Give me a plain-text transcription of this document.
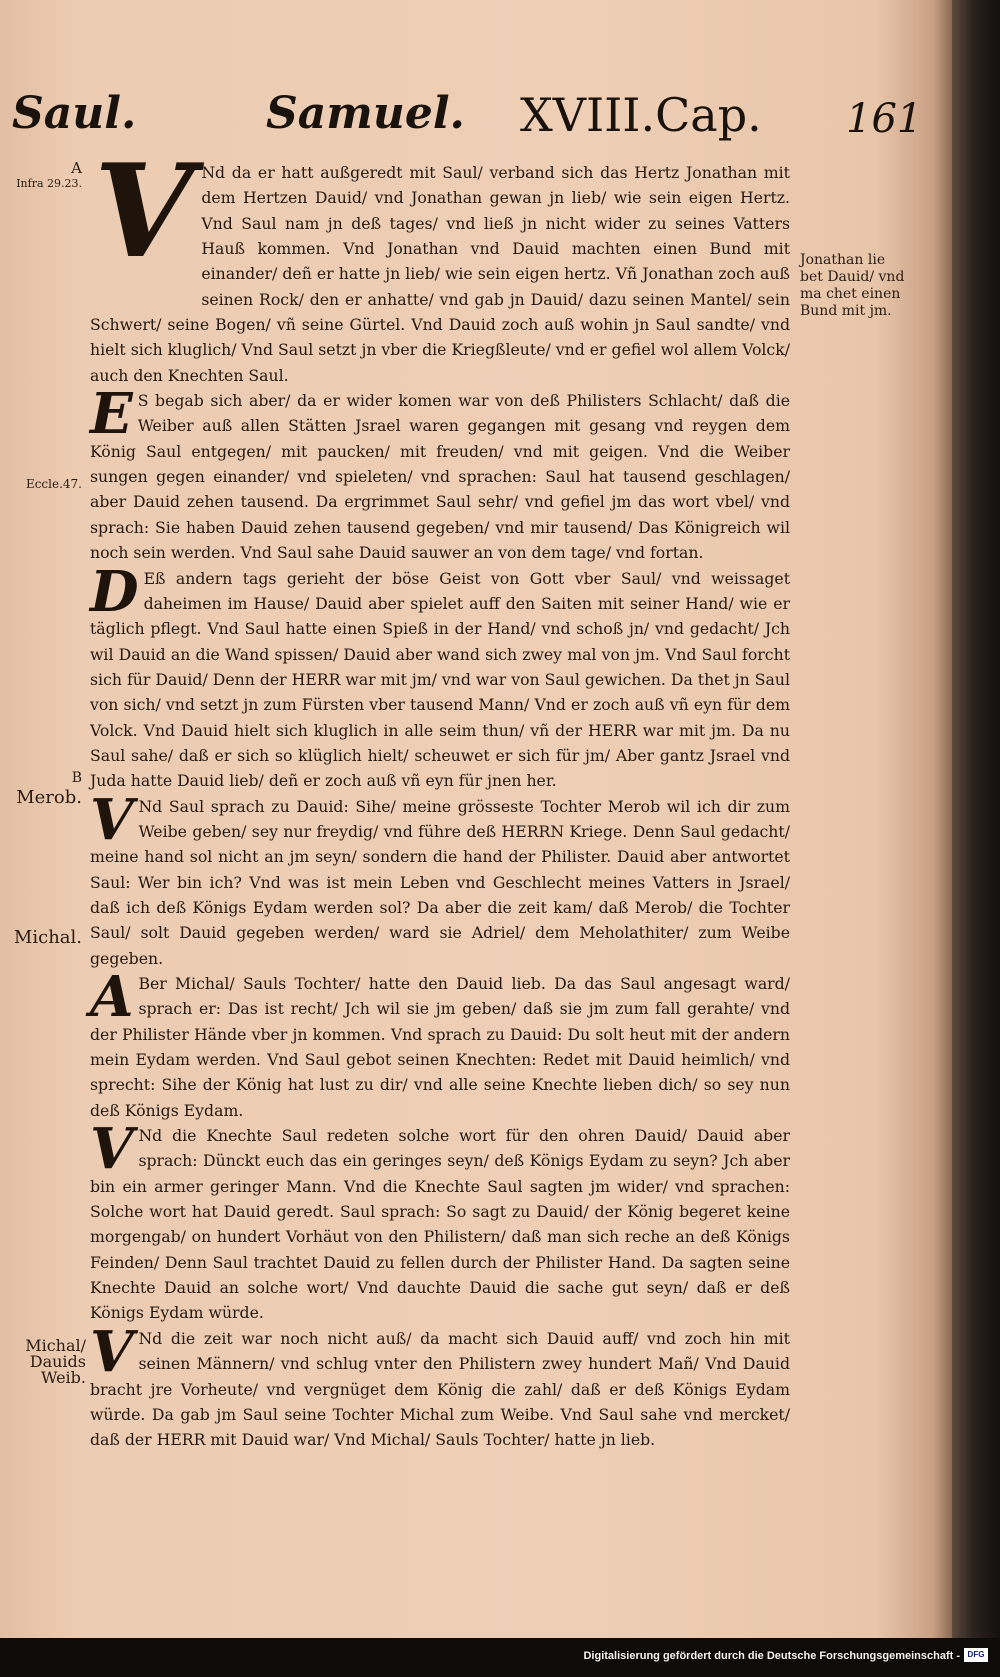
Saul.	Samuel. XVIII.Cap. 161
A
Infra 29.23.
Eccle.47.
B
Merob.
Michal.
Michal/ Dauids Weib.
Jonathan lie bet Dauid/ vnd ma chet einen Bund mit jm.

V Nd da er hatt außgeredt mit Saul/ verband sich das Hertz Jonathan mit dem Hertzen Dauid/ vnd Jonathan gewan jn lieb/ wie sein eigen Hertz. Vnd Saul nam jn deß tages/ vnd ließ jn nicht wider zu seines Vatters Hauß kommen. Vnd Jonathan vnd Dauid machten einen Bund mit einander/ deñ er hatte jn lieb/ wie sein eigen hertz. Vñ Jonathan zoch auß seinen Rock/ den er anhatte/ vnd gab jn Dauid/ dazu seinen Mantel/ sein Schwert/ seine Bogen/ vñ seine Gürtel. Vnd Dauid zoch auß wohin jn Saul sandte/ vnd hielt sich kluglich/ Vnd Saul setzt jn vber die Kriegßleute/ vnd er gefiel wol allem Volck/ auch den Knechten Saul.

E S begab sich aber/ da er wider komen war von deß Philisters Schlacht/ daß die Weiber auß allen Stätten Jsrael waren gegangen mit gesang vnd reygen dem König Saul entgegen/ mit paucken/ mit freuden/ vnd mit geigen. Vnd die Weiber sungen gegen einander/ vnd spieleten/ vnd sprachen: Saul hat tausend geschlagen/ aber Dauid zehen tausend. Da ergrimmet Saul sehr/ vnd gefiel jm das wort vbel/ vnd sprach: Sie haben Dauid zehen tausend gegeben/ vnd mir tausend/ Das Königreich wil noch sein werden. Vnd Saul sahe Dauid sauwer an von dem tage/ vnd fortan.

D Eß andern tags gerieht der böse Geist von Gott vber Saul/ vnd weissaget daheimen im Hause/ Dauid aber spielet auff den Saiten mit seiner Hand/ wie er täglich pflegt. Vnd Saul hatte einen Spieß in der Hand/ vnd schoß jn/ vnd gedacht/ Jch wil Dauid an die Wand spissen/ Dauid aber wand sich zwey mal von jm. Vnd Saul forcht sich für Dauid/ Denn der HERR war mit jm/ vnd war von Saul gewichen. Da thet jn Saul von sich/ vnd setzt jn zum Fürsten vber tausend Mann/ Vnd er zoch auß vñ eyn für dem Volck. Vnd Dauid hielt sich kluglich in alle seim thun/ vñ der HERR war mit jm. Da nu Saul sahe/ daß er sich so klüglich hielt/ scheuwet er sich für jm/ Aber gantz Jsrael vnd Juda hatte Dauid lieb/ deñ er zoch auß vñ eyn für jnen her.

V Nd Saul sprach zu Dauid: Sihe/ meine grösseste Tochter Merob wil ich dir zum Weibe geben/ sey nur freydig/ vnd führe deß HERRN Kriege. Denn Saul gedacht/ meine hand sol nicht an jm seyn/ sondern die hand der Philister. Dauid aber antwortet Saul: Wer bin ich? Vnd was ist mein Leben vnd Geschlecht meines Vatters in Jsrael/ daß ich deß Königs Eydam werden sol? Da aber die zeit kam/ daß Merob/ die Tochter Saul/ solt Dauid gegeben werden/ ward sie Adriel/ dem Meholathiter/ zum Weibe gegeben.

A Ber Michal/ Sauls Tochter/ hatte den Dauid lieb. Da das Saul angesagt ward/ sprach er: Das ist recht/ Jch wil sie jm geben/ daß sie jm zum fall gerahte/ vnd der Philister Hände vber jn kommen. Vnd sprach zu Dauid: Du solt heut mit der andern mein Eydam werden. Vnd Saul gebot seinen Knechten: Redet mit Dauid heimlich/ vnd sprecht: Sihe der König hat lust zu dir/ vnd alle seine Knechte lieben dich/ so sey nun deß Königs Eydam.

V Nd die Knechte Saul redeten solche wort für den ohren Dauid/ Dauid aber sprach: Dünckt euch das ein geringes seyn/ deß Königs Eydam zu seyn? Jch aber bin ein armer geringer Mann. Vnd die Knechte Saul sagten jm wider/ vnd sprachen: Solche wort hat Dauid geredt. Saul sprach: So sagt zu Dauid/ der König begeret keine morgengab/ on hundert Vorhäut von den Philistern/ daß man sich reche an deß Königs Feinden/ Denn Saul trachtet Dauid zu fellen durch der Philister Hand. Da sagten seine Knechte Dauid an solche wort/ Vnd dauchte Dauid die sache gut seyn/ daß er deß Königs Eydam würde.

V Nd die zeit war noch nicht auß/ da macht sich Dauid auff/ vnd zoch hin mit seinen Männern/ vnd schlug vnter den Philistern zwey hundert Mañ/ Vnd Dauid bracht jre Vorheute/ vnd vergnüget dem König die zahl/ daß er deß Königs Eydam würde. Da gab jm Saul seine Tochter Michal zum Weibe. Vnd Saul sahe vnd mercket/ daß der HERR mit Dauid war/ Vnd Michal/ Sauls Tochter/ hatte jn lieb.

Digitalisierung gefördert durch die Deutsche Forschungsgemeinschaft - DFG
